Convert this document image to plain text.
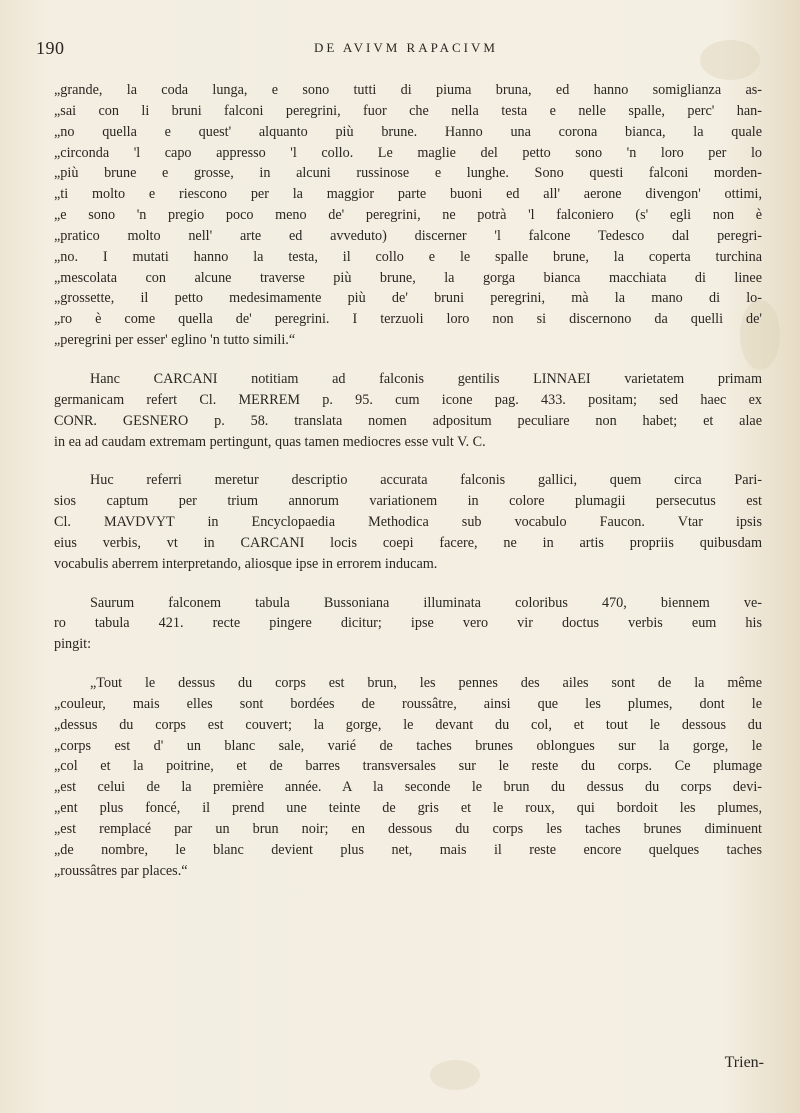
190	DE AVIVM RAPACIVM
„grande, la coda lunga, e sono tutti di piuma bruna, ed hanno somiglianza as-
„sai con li bruni falconi peregrini, fuor che nella testa e nelle spalle, perc' han-
„no quella e quest' alquanto più brune. Hanno una corona bianca, la quale
„circonda 'l capo appresso 'l collo. Le maglie del petto sono 'n loro per lo
„più brune e grosse, in alcuni russinose e lunghe. Sono questi falconi morden-
„ti molto e riescono per la maggior parte buoni ed all' aerone divengon' ottimi,
„e sono 'n pregio poco meno de' peregrini, ne potrà 'l falconiero (s' egli non è
„pratico molto nell' arte ed avveduto) discerner 'l falcone Tedesco dal peregri-
„no. I mutati hanno la testa, il collo e le spalle brune, la coperta turchina
„mescolata con alcune traverse più brune, la gorga bianca macchiata di linee
„grossette, il petto medesimamente più de' bruni peregrini, mà la mano di lo-
„ro è come quella de' peregrini. I terzuoli loro non si discernono da quelli de'
„peregrini per esser' eglino 'n tutto simili.“
Hanc CARCANI notitiam ad falconis gentilis LINNAEI varietatem primam
germanicam refert Cl. MERREM p. 95. cum icone pag. 433. positam; sed haec ex
CONR. GESNERO p. 58. translata nomen adpositum peculiare non habet; et alae
in ea ad caudam extremam pertingunt, quas tamen mediocres esse vult V. C.
Huc referri meretur descriptio accurata falconis gallici, quem circa Pari-
sios captum per trium annorum variationem in colore plumagii persecutus est
Cl. MAVDVYT in Encyclopaedia Methodica sub vocabulo Faucon. Vtar ipsis
eius verbis, vt in CARCANI locis coepi facere, ne in artis propriis quibusdam
vocabulis aberrem interpretando, aliosque ipse in errorem inducam.
Saurum falconem tabula Bussoniana illuminata coloribus 470, biennem ve-
ro tabula 421. recte pingere dicitur; ipse vero vir doctus verbis eum his
pingit:
„Tout le dessus du corps est brun, les pennes des ailes sont de la même
„couleur, mais elles sont bordées de roussâtre, ainsi que les plumes, dont le
„dessus du corps est couvert; la gorge, le devant du col, et tout le dessous du
„corps est d' un blanc sale, varié de taches brunes oblongues sur la gorge, le
„col et la poitrine, et de barres transversales sur le reste du corps. Ce plumage
„est celui de la première année. A la seconde le brun du dessus du corps devi-
„ent plus foncé, il prend une teinte de gris et le roux, qui bordoit les plumes,
„est remplacé par un brun noir; en dessous du corps les taches brunes diminuent
„de nombre, le blanc devient plus net, mais il reste encore quelques taches
„roussâtres par places.“
Trien-
